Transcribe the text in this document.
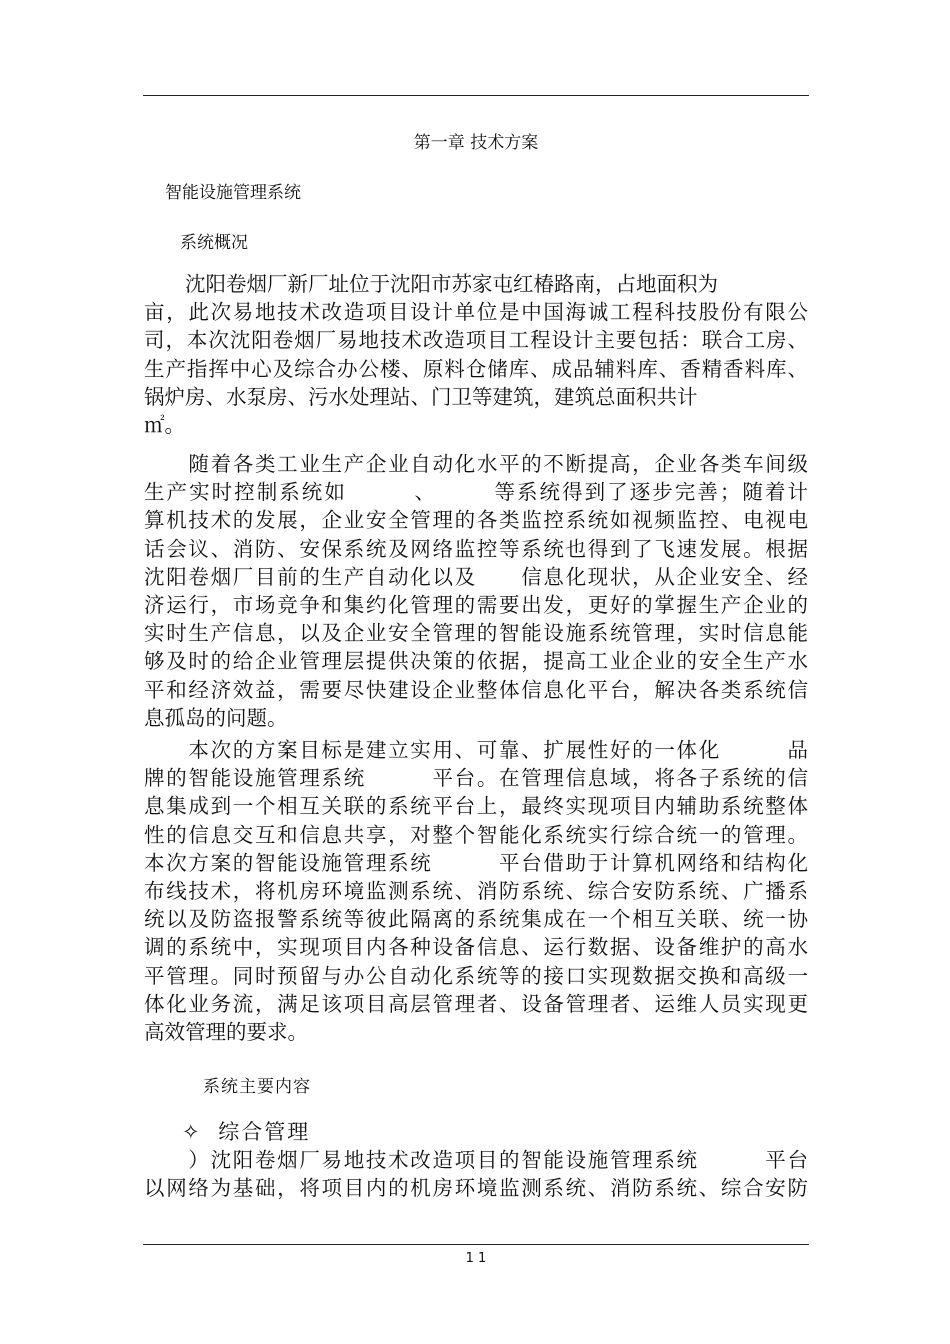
第一章 技术方案
智能设施管理系统
系统概况
　　沈阳卷烟厂新厂址位于沈阳市苏家屯红椿路南，占地面积为
亩，此次易地技术改造项目设计单位是中国海诚工程科技股份有限公
司，本次沈阳卷烟厂易地技术改造项目工程设计主要包括：联合工房、
生产指挥中心及综合办公楼、原料仓储库、成品辅料库、香精香料库、
锅炉房、水泵房、污水处理站、门卫等建筑，建筑总面积共计
㎡。
　　随着各类工业生产企业自动化水平的不断提高，企业各类车间级
生产实时控制系统如　　　、　　　等系统得到了逐步完善；随着计
算机技术的发展，企业安全管理的各类监控系统如视频监控、电视电
话会议、消防、安保系统及网络监控等系统也得到了飞速发展。根据
沈阳卷烟厂目前的生产自动化以及　　信息化现状，从企业安全、经
济运行，市场竞争和集约化管理的需要出发，更好的掌握生产企业的
实时生产信息，以及企业安全管理的智能设施系统管理，实时信息能
够及时的给企业管理层提供决策的依据，提高工业企业的安全生产水
平和经济效益，需要尽快建设企业整体信息化平台，解决各类系统信
息孤岛的问题。
　　本次的方案目标是建立实用、可靠、扩展性好的一体化　　　品
牌的智能设施管理系统　　　平台。在管理信息域，将各子系统的信
息集成到一个相互关联的系统平台上，最终实现项目内辅助系统整体
性的信息交互和信息共享，对整个智能化系统实行综合统一的管理。
本次方案的智能设施管理系统　　　平台借助于计算机网络和结构化
布线技术，将机房环境监测系统、消防系统、综合安防系统、广播系
统以及防盗报警系统等彼此隔离的系统集成在一个相互关联、统一协
调的系统中，实现项目内各种设备信息、运行数据、设备维护的高水
平管理。同时预留与办公自动化系统等的接口实现数据交换和高级一
体化业务流，满足该项目高层管理者、设备管理者、运维人员实现更
高效管理的要求。
系统主要内容
✧ 综合管理
　　）沈阳卷烟厂易地技术改造项目的智能设施管理系统　　　平台
以网络为基础，将项目内的机房环境监测系统、消防系统、综合安防
1 1
